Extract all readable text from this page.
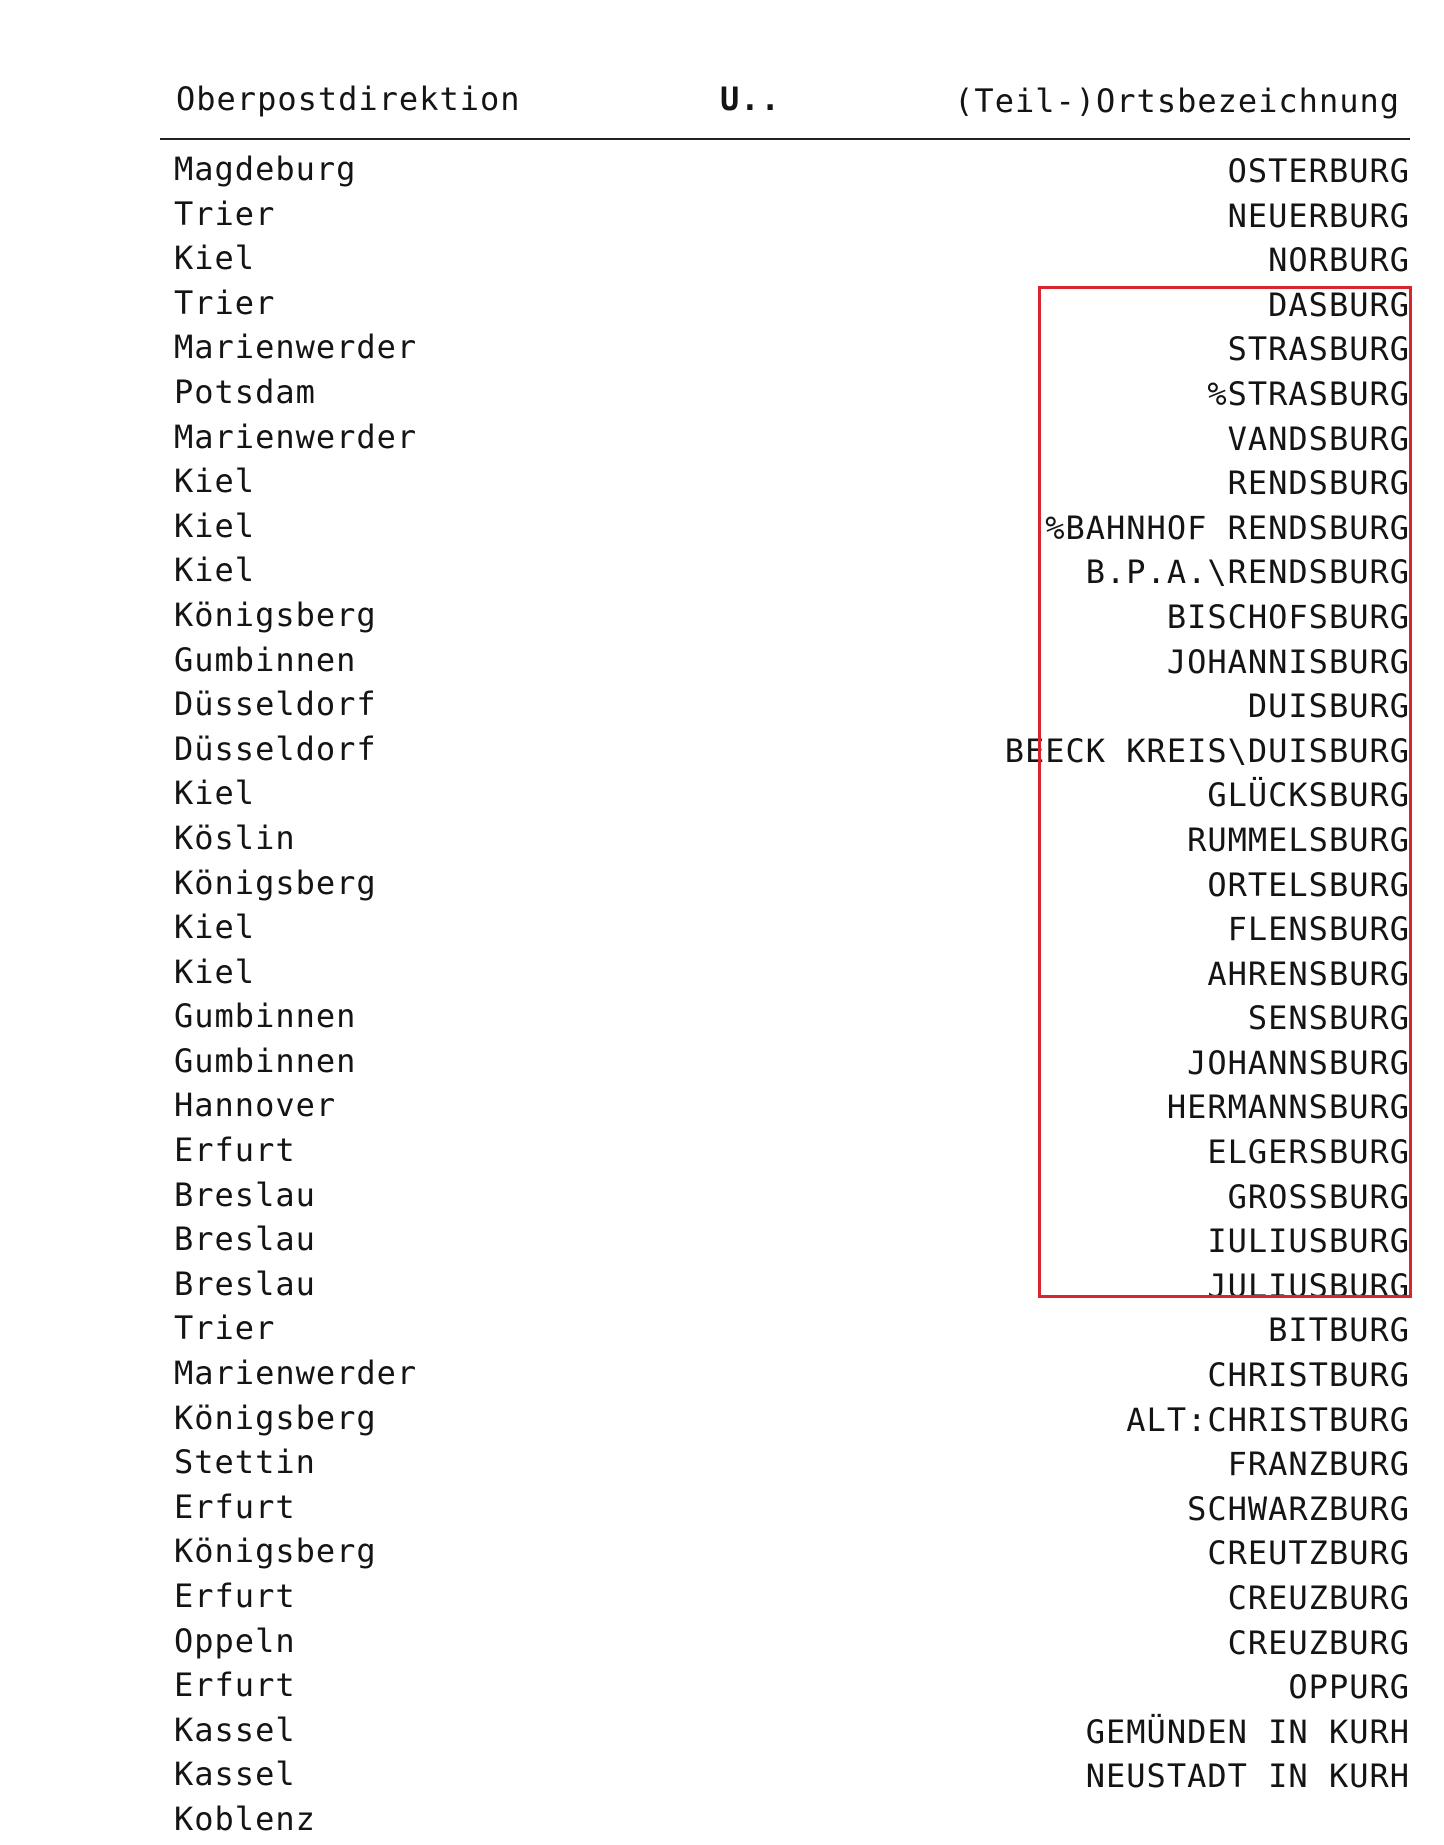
Oberpostdirektion	U..	(Teil-)Ortsbezeichnung
Magdeburg	OSTERBURG
Trier	NEUERBURG
Kiel	NORBURG
Trier	DASBURG
Marienwerder	STRASBURG
Potsdam	%STRASBURG
Marienwerder	VANDSBURG
Kiel	RENDSBURG
Kiel	%BAHNHOF RENDSBURG
Kiel	B.P.A.\RENDSBURG
Königsberg	BISCHOFSBURG
Gumbinnen	JOHANNISBURG
Düsseldorf	DUISBURG
Düsseldorf	BEECK KREIS\DUISBURG
Kiel	GLÜCKSBURG
Köslin	RUMMELSBURG
Königsberg	ORTELSBURG
Kiel	FLENSBURG
Kiel	AHRENSBURG
Gumbinnen	SENSBURG
Gumbinnen	JOHANNSBURG
Hannover	HERMANNSBURG
Erfurt	ELGERSBURG
Breslau	GROSSBURG
Breslau	IULIUSBURG
Breslau	JULIUSBURG
Trier	BITBURG
Marienwerder	CHRISTBURG
Königsberg	ALT:CHRISTBURG
Stettin	FRANZBURG
Erfurt	SCHWARZBURG
Königsberg	CREUTZBURG
Erfurt	CREUZBURG
Oppeln	CREUZBURG
Erfurt	OPPURG
Kassel	GEMÜNDEN IN KURH
Kassel	NEUSTADT IN KURH
Koblenz
